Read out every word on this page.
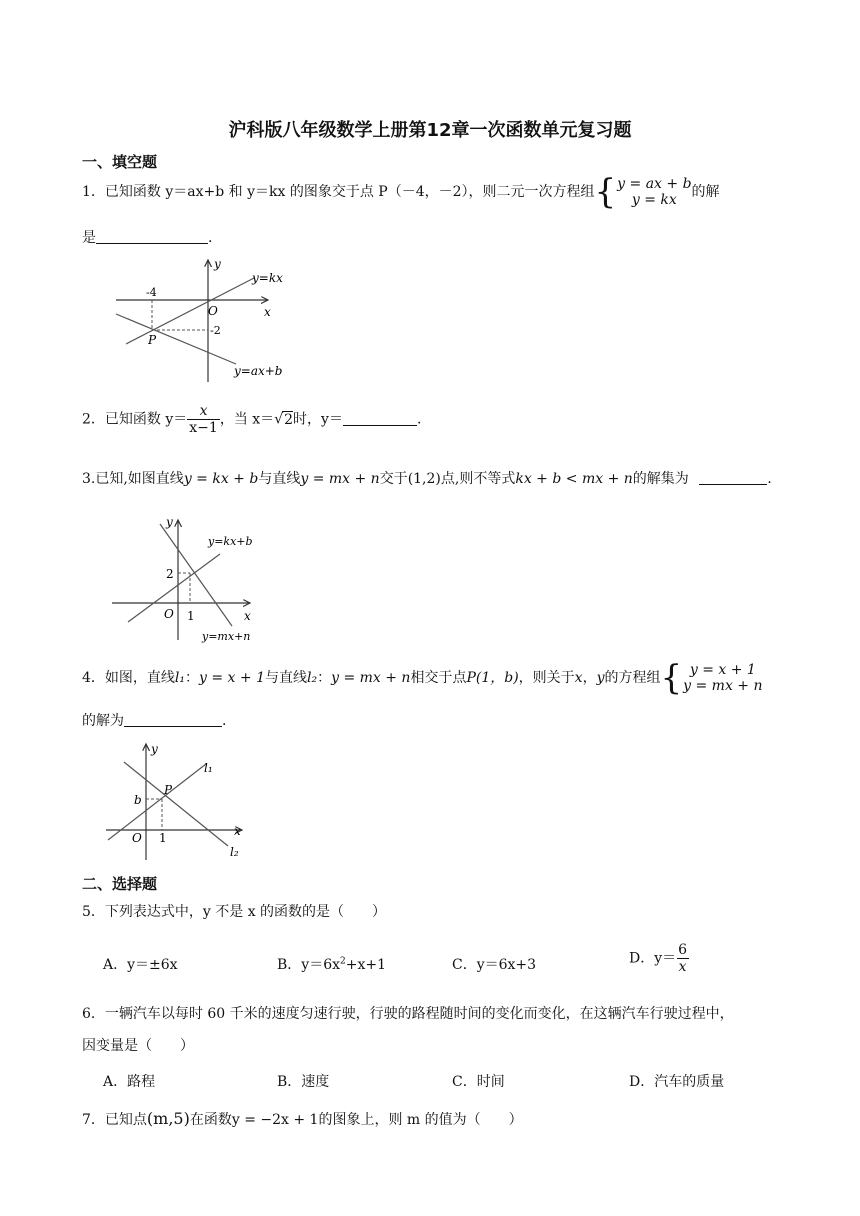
沪科版八年级数学上册第12章一次函数单元复习题
一、填空题
1．已知函数 y＝ax+b 和 y＝kx 的图象交于点 P（－4，－2），则二元一次方程组 { y = ax + b
y = kx	的解
是	.
y
x
O
-4
-2
P
y=kx
y=ax+b
2．已知函数 $y= \frac{x}{x-1}$ ，当 x＝√2时，y＝	.
3.已知,如图直线y = kx + b与直线y = mx + n交于(1,2)点,则不等式kx + b < mx + n的解集为	.
y
x
O 1
2
y=kx+b
y=mx+n
4．如图，直线l₁：y = x + 1与直线l₂：y = mx + n相交于点P(1，b)，则关于x，y的方程组 { y = x + 1
y = mx + n
的解为	.
y
x
O 1
b
P
l₁
l₂
二、选择题
5．下列表达式中，y 不是 x 的函数的是（　　）
A．y＝±6x	B．$y=6x^2+x+1$	C．y＝6x+3	D．$y= \frac{6}{x}$
6．一辆汽车以每时 60 千米的速度匀速行驶，行驶的路程随时间的变化而变化，在这辆汽车行驶过程中，
因变量是（　　）
A．路程	B．速度	C．时间	D．汽车的质量
7．已知点(m,5)在函数y = −2x + 1的图象上，则 m 的值为（　　）
